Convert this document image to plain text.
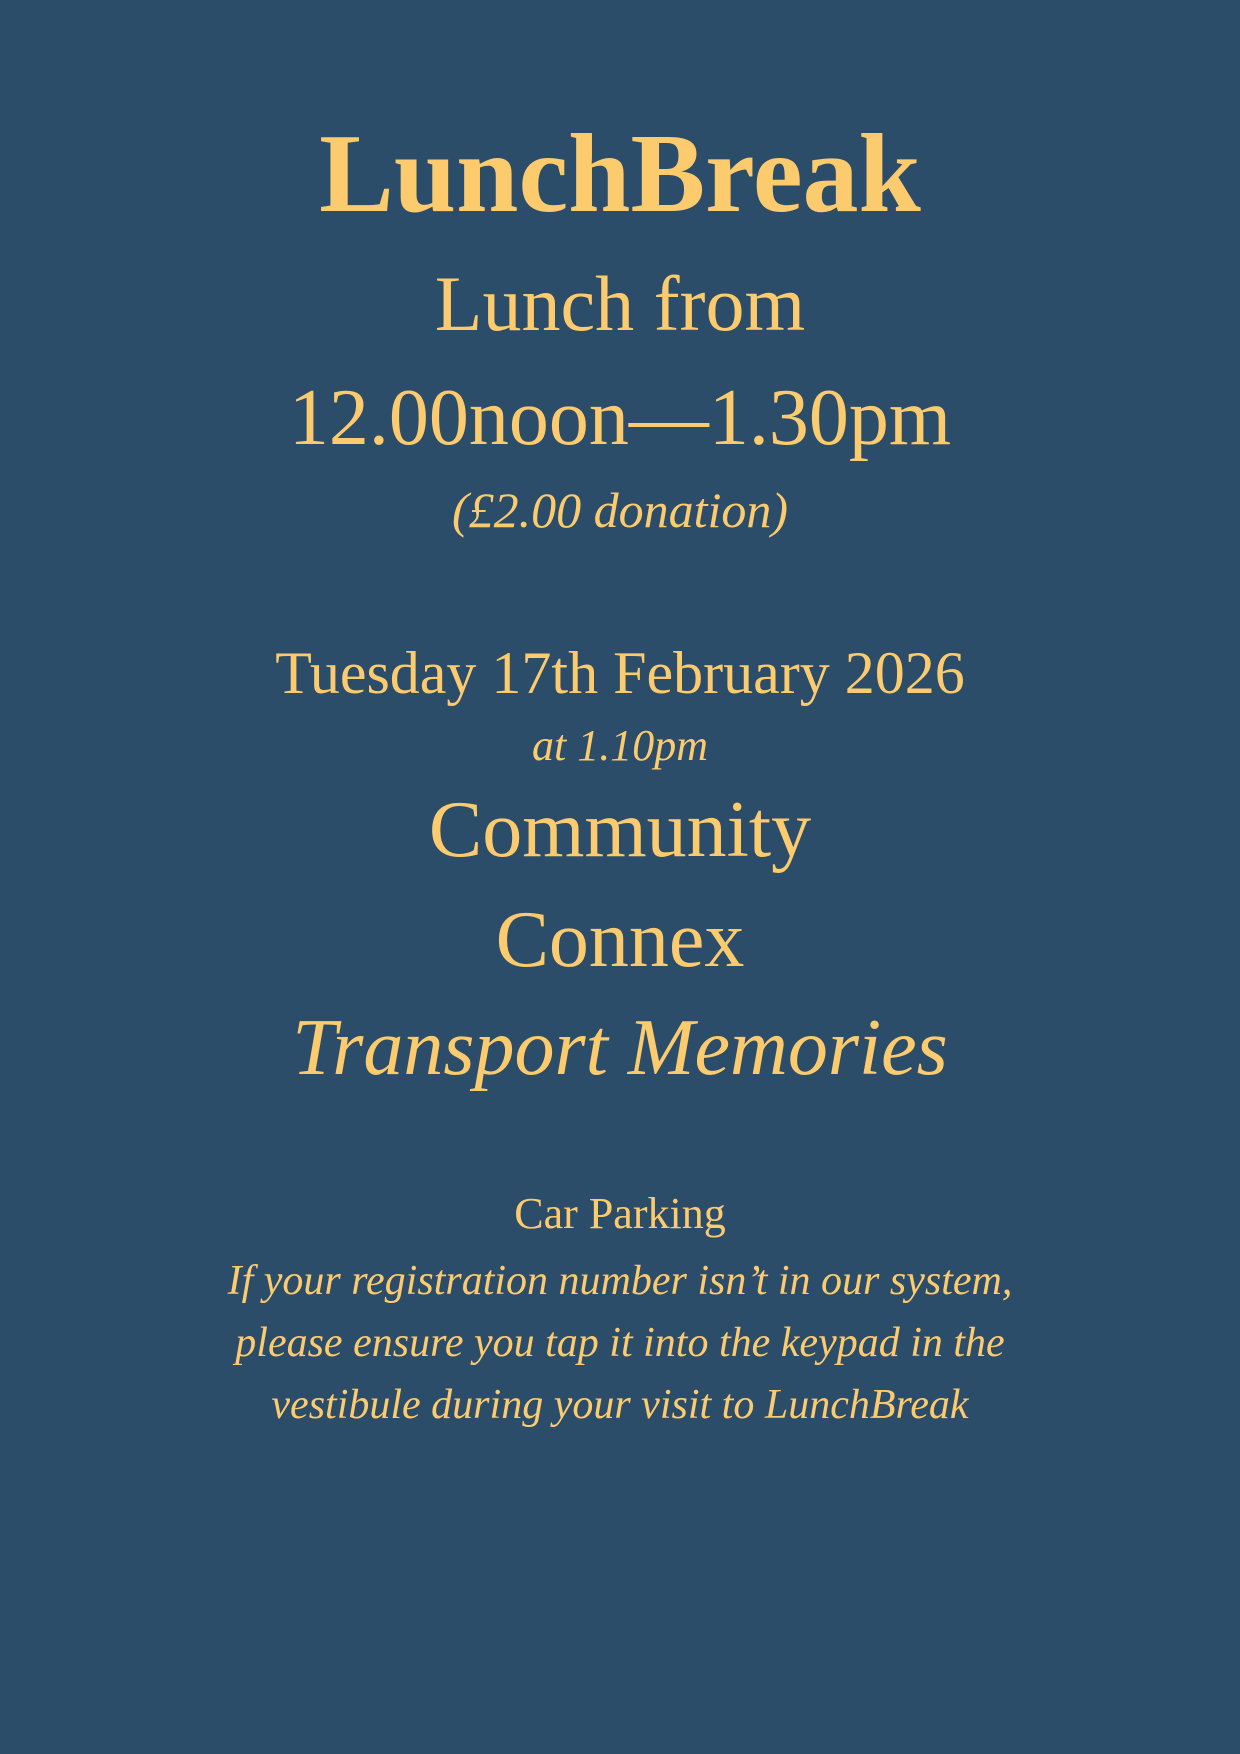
LunchBreak
Lunch from
12.00noon—1.30pm
(£2.00 donation)
Tuesday 17th February 2026
at 1.10pm
Community
Connex
Transport Memories
Car Parking
If your registration number isn’t in our system,
please ensure you tap it into the keypad in the
vestibule during your visit to LunchBreak
